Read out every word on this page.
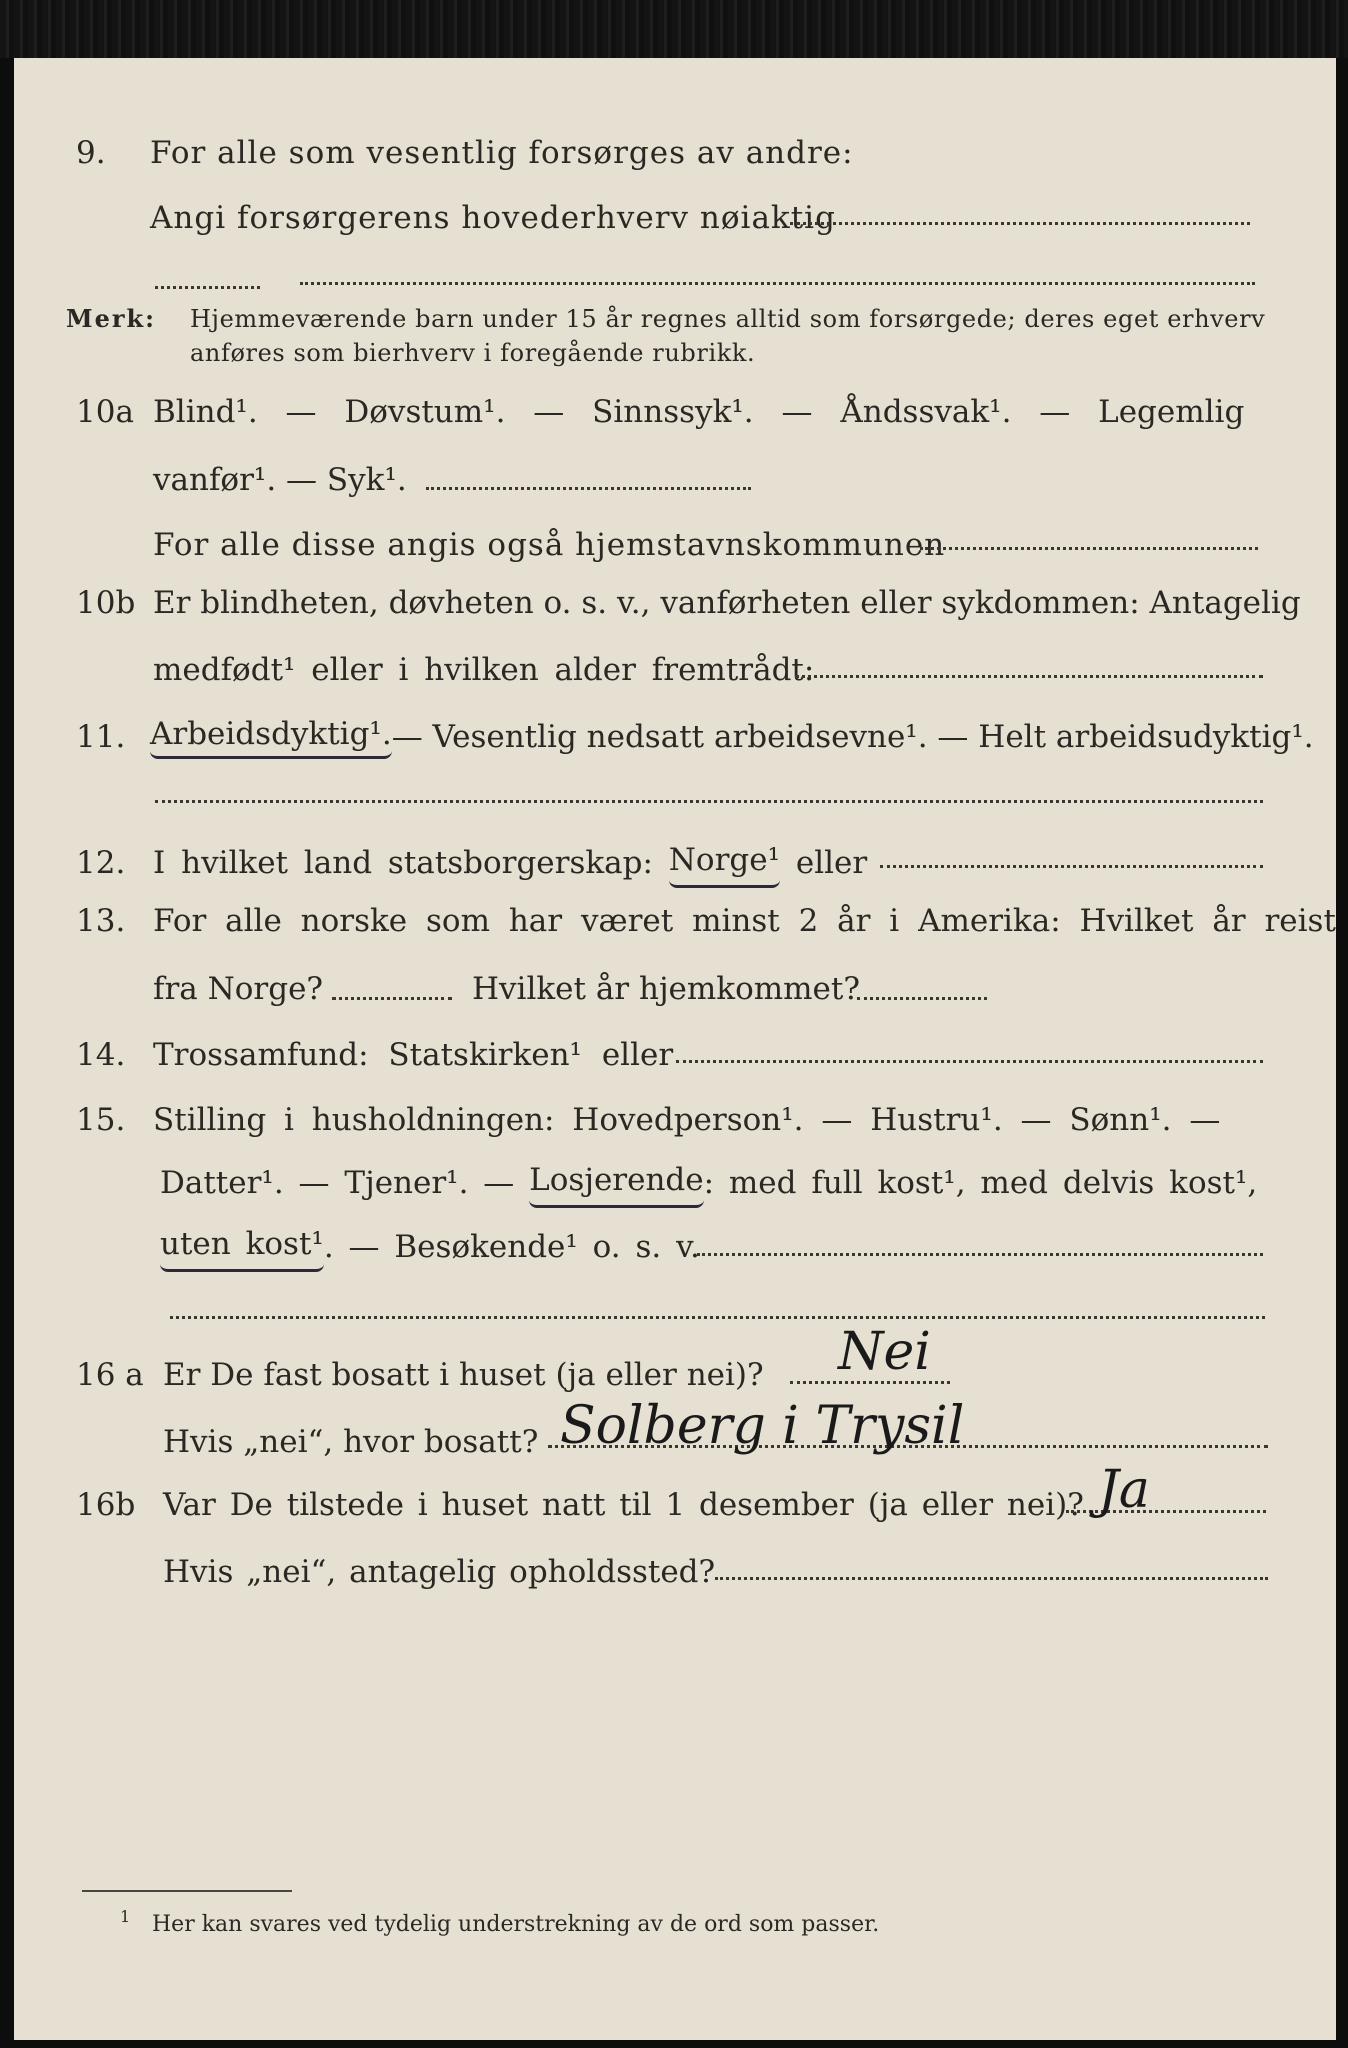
9. For alle som vesentlig forsørges av andre:
Angi forsørgerens hovederhverv nøiaktig
Merk: Hjemmeværende barn under 15 år regnes alltid som forsørgede; deres eget erhverv
anføres som bierhverv i foregående rubrikk.
10a Blind¹. — Døvstum¹. — Sinnssyk¹. — Åndssvak¹. — Legemlig
vanfør¹. — Syk¹.
For alle disse angis også hjemstavnskommunen
10b Er blindheten, døvheten o. s. v., vanførheten eller sykdommen: Antagelig
medfødt¹ eller i hvilken alder fremtrådt:
11. Arbeidsdyktig¹. — Vesentlig nedsatt arbeidsevne¹. — Helt arbeidsudyktig¹.
12. I hvilket land statsborgerskap: Norge¹ eller
13. For alle norske som har været minst 2 år i Amerika: Hvilket år reist
fra Norge?	Hvilket år hjemkommet?
14. Trossamfund: Statskirken¹ eller
15. Stilling i husholdningen: Hovedperson¹. — Hustru¹. — Sønn¹. —
Datter¹. — Tjener¹. — Losjerende : med full kost¹, med delvis kost¹,
uten kost¹ . — Besøkende¹ o. s. v.
16 a Er De fast bosatt i huset (ja eller nei)? Nei
Hvis „nei“, hvor bosatt? Solberg i Trysil
16b Var De tilstede i huset natt til 1 desember (ja eller nei)? Ja
Hvis „nei“, antagelig opholdssted?
1 Her kan svares ved tydelig understrekning av de ord som passer.
